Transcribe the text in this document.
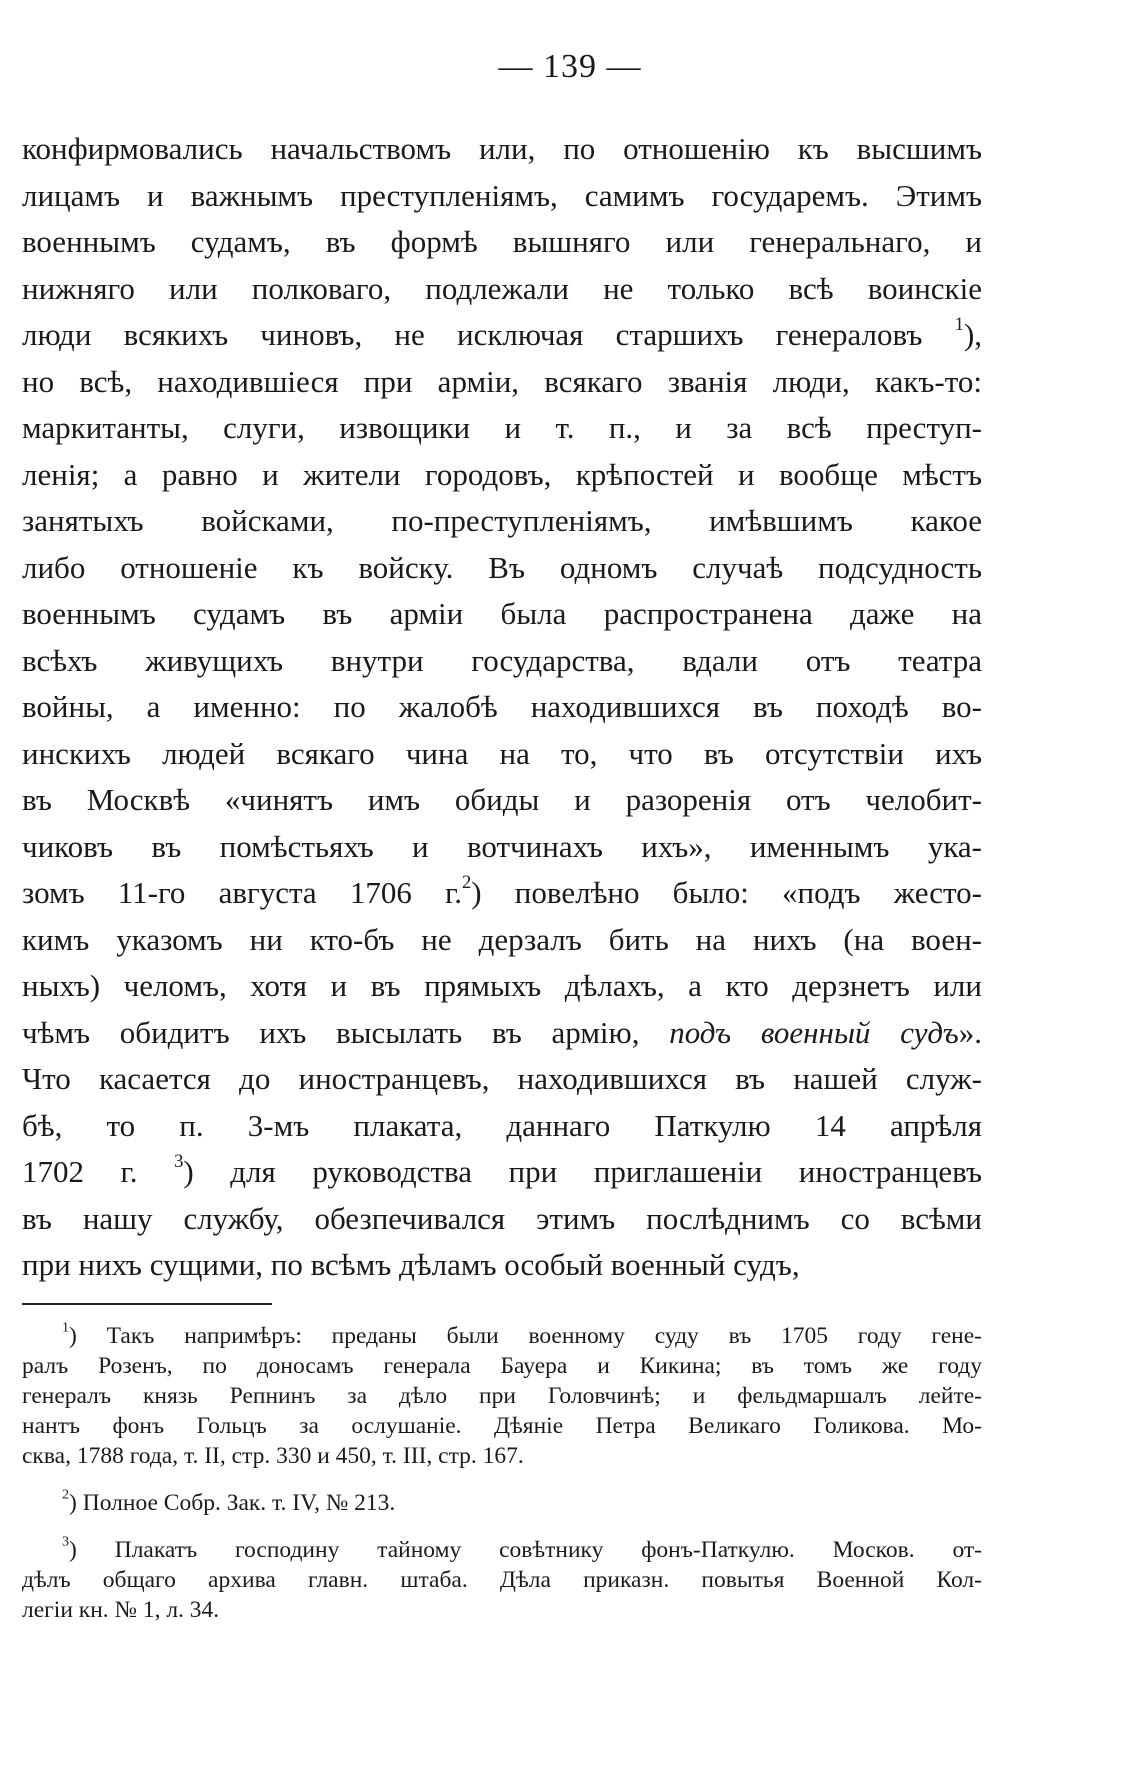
— 139 —
конфирмовались начальствомъ или, по отношенію къ высшимъ
лицамъ и важнымъ преступленіямъ, самимъ государемъ. Этимъ
военнымъ судамъ, въ формѣ вышняго или генеральнаго, и
нижняго или полковаго, подлежали не только всѣ воинскіе
люди всякихъ чиновъ, не исключая старшихъ генераловъ $^1$),
но всѣ, находившіеся при арміи, всякаго званія люди, какъ-то:
маркитанты, слуги, извощики и т. п., и за всѣ преступ-
ленія; а равно и жители городовъ, крѣпостей и вообще мѣстъ
занятыхъ войсками, по-преступленіямъ, имѣвшимъ какое
либо отношеніе къ войску. Въ одномъ случаѣ подсудность
военнымъ судамъ въ арміи была распространена даже на
всѣхъ живущихъ внутри государства, вдали отъ театра
войны, а именно: по жалобѣ находившихся въ походѣ во-
инскихъ людей всякаго чина на то, что въ отсутствіи ихъ
въ Москвѣ «чинятъ имъ обиды и разоренія отъ челобит-
чиковъ въ помѣстьяхъ и вотчинахъ ихъ», именнымъ ука-
зомъ 11-го августа 1706 г.$^2$) повелѣно было: «подъ жесто-
кимъ указомъ ни кто-бъ не дерзалъ бить на нихъ (на воен-
ныхъ) челомъ, хотя и въ прямыхъ дѣлахъ, а кто дерзнетъ или
чѣмъ обидитъ ихъ высылать въ армію, подъ военный судъ».
Что касается до иностранцевъ, находившихся въ нашей служ-
бѣ, то п. 3-мъ плаката, даннаго Паткулю 14 апрѣля
1702 г. $^3$) для руководства при приглашеніи иностранцевъ
въ нашу службу, обезпечивался этимъ послѣднимъ со всѣми
при нихъ сущими, по всѣмъ дѣламъ особый военный судъ,
$^1$) Такъ напримѣръ: преданы были военному суду въ 1705 году гене-
ралъ Розенъ, по доносамъ генерала Бауера и Кикина; въ томъ же году
генералъ князь Репнинъ за дѣло при Головчинѣ; и фельдмаршалъ лейте-
нантъ фонъ Гольцъ за ослушаніе. Дѣяніе Петра Великаго Голикова. Мо-
сква, 1788 года, т. II, стр. 330 и 450, т. III, стр. 167.
$^2$) Полное Собр. Зак. т. IV, № 213.
$^3$) Плакатъ господину тайному совѣтнику фонъ-Паткулю. Москов. от-
дѣлъ общаго архива главн. штаба. Дѣла приказн. повытья Военной Кол-
легіи кн. № 1, л. 34.
